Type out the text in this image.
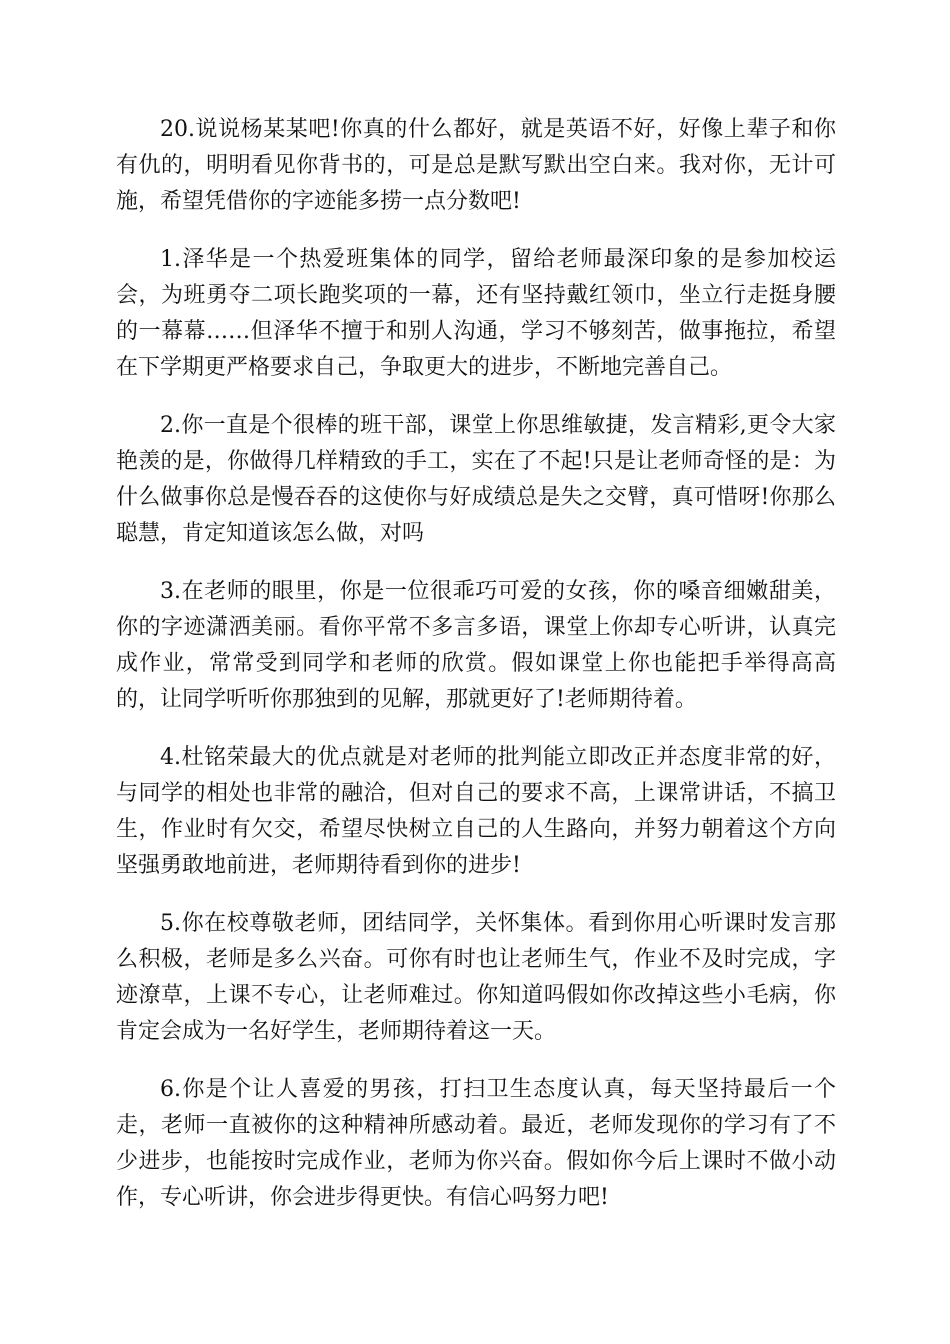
20.说说杨某某吧!你真的什么都好，就是英语不好，好像上辈子和你有仇的，明明看见你背书的，可是总是默写默出空白来。我对你，无计可施，希望凭借你的字迹能多捞一点分数吧!

1.泽华是一个热爱班集体的同学，留给老师最深印象的是参加校运会，为班勇夺二项长跑奖项的一幕，还有坚持戴红领巾，坐立行走挺身腰的一幕幕……但泽华不擅于和别人沟通，学习不够刻苦，做事拖拉，希望在下学期更严格要求自己，争取更大的进步，不断地完善自己。

2.你一直是个很棒的班干部，课堂上你思维敏捷，发言精彩,更令大家艳羡的是，你做得几样精致的手工，实在了不起!只是让老师奇怪的是：为什么做事你总是慢吞吞的这使你与好成绩总是失之交臂，真可惜呀!你那么聪慧，肯定知道该怎么做，对吗

3.在老师的眼里，你是一位很乖巧可爱的女孩，你的嗓音细嫩甜美，你的字迹潇洒美丽。看你平常不多言多语，课堂上你却专心听讲，认真完成作业，常常受到同学和老师的欣赏。假如课堂上你也能把手举得高高的，让同学听听你那独到的见解，那就更好了!老师期待着。

4.杜铭荣最大的优点就是对老师的批判能立即改正并态度非常的好，与同学的相处也非常的融洽，但对自己的要求不高，上课常讲话，不搞卫生，作业时有欠交，希望尽快树立自己的人生路向，并努力朝着这个方向坚强勇敢地前进，老师期待看到你的进步!

5.你在校尊敬老师，团结同学，关怀集体。看到你用心听课时发言那么积极，老师是多么兴奋。可你有时也让老师生气，作业不及时完成，字迹潦草，上课不专心，让老师难过。你知道吗假如你改掉这些小毛病，你肯定会成为一名好学生，老师期待着这一天。

6.你是个让人喜爱的男孩，打扫卫生态度认真，每天坚持最后一个走，老师一直被你的这种精神所感动着。最近，老师发现你的学习有了不少进步，也能按时完成作业，老师为你兴奋。假如你今后上课时不做小动作，专心听讲，你会进步得更快。有信心吗努力吧!
